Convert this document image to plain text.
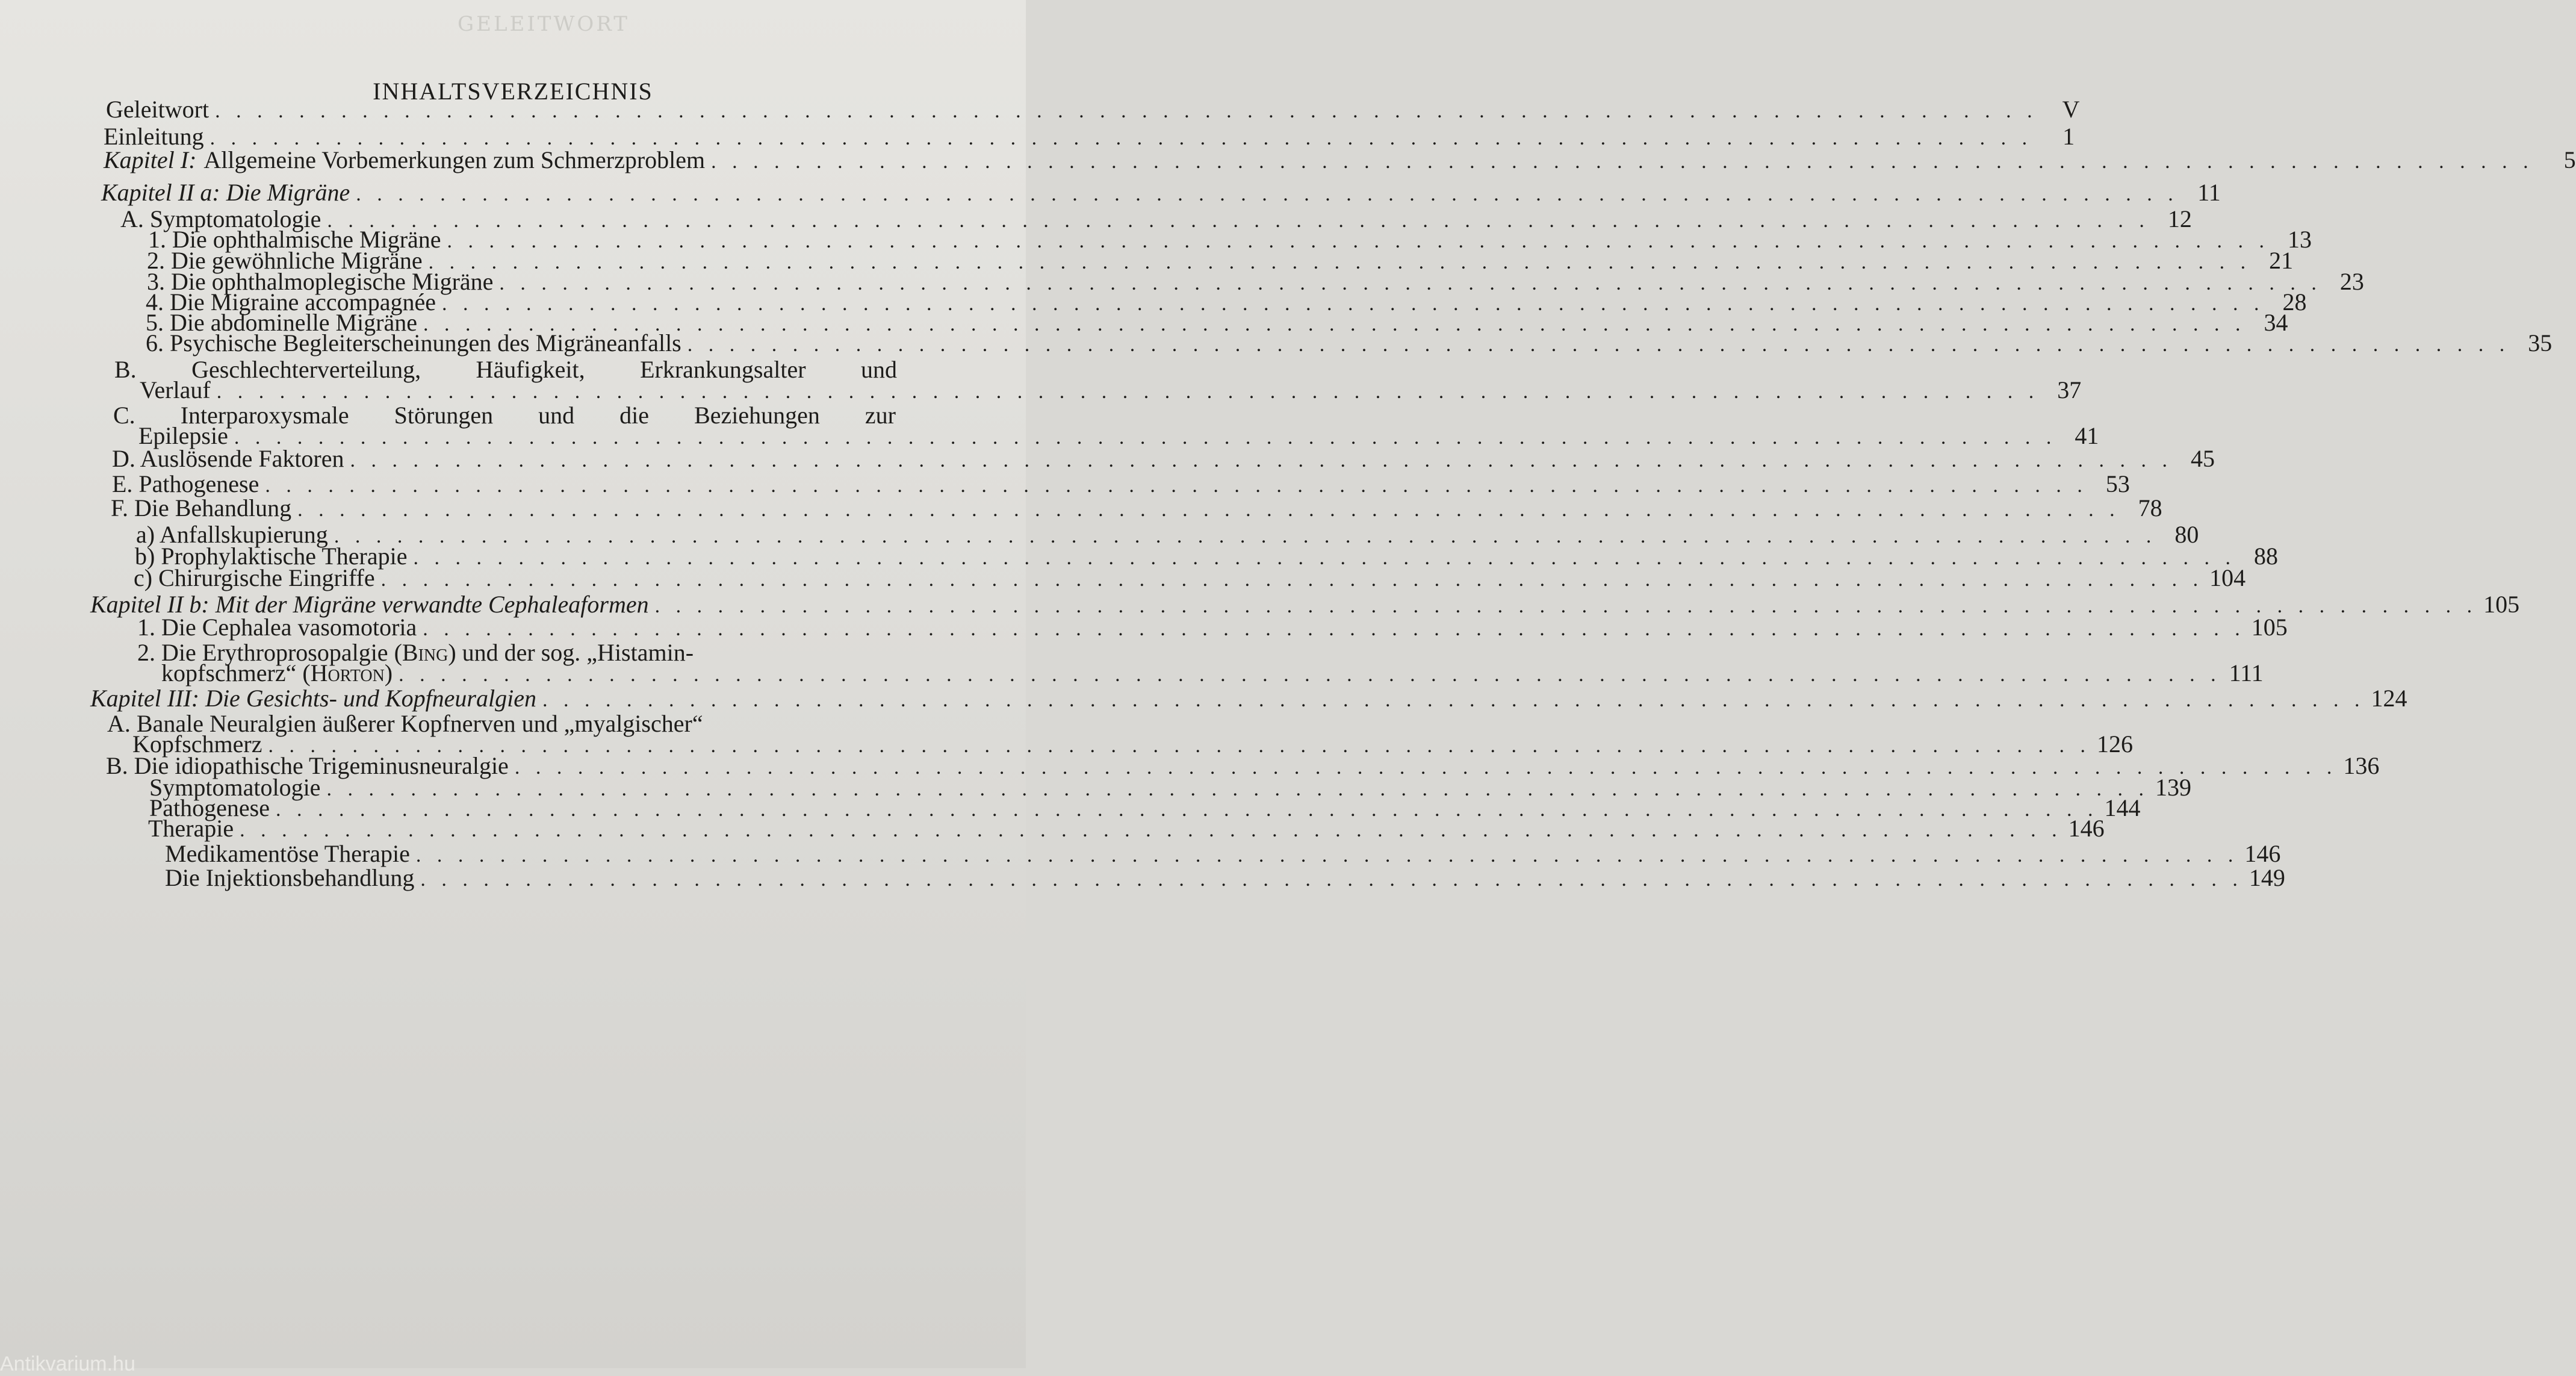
GELEITWORT
INHALTSVERZEICHNIS
Geleitwort . . . . . . . . . . . . . . . . . . . . . . . . . . . . . . . . . . . . . . . . . . . . . . . . . . . . . . . . . . . . . . . . . . . . . . . . . . . . . . . . . . . . . . .	V
Einleitung . . . . . . . . . . . . . . . . . . . . . . . . . . . . . . . . . . . . . . . . . . . . . . . . . . . . . . . . . . . . . . . . . . . . . . . . . . . . . . . . . . . . . . .	1
Kapitel I: Allgemeine Vorbemerkungen zum Schmerzproblem . . . . . . . . . . . . . . . . . . . . . . . . . . . . . . . . . . . . . . . . . . . . . . . . . . . . . . . . . . . . . . . . . . . . . . . . . . . . . . . . . . . . . . .	5
Kapitel II a: Die Migräne . . . . . . . . . . . . . . . . . . . . . . . . . . . . . . . . . . . . . . . . . . . . . . . . . . . . . . . . . . . . . . . . . . . . . . . . . . . . . . . . . . . . . . . 11
A. Symptomatologie . . . . . . . . . . . . . . . . . . . . . . . . . . . . . . . . . . . . . . . . . . . . . . . . . . . . . . . . . . . . . . . . . . . . . . . . . . . . . . . . . . . . . . . 12
1. Die ophthalmische Migräne . . . . . . . . . . . . . . . . . . . . . . . . . . . . . . . . . . . . . . . . . . . . . . . . . . . . . . . . . . . . . . . . . . . . . . . . . . . . . . . . . . . . . . . 13
2. Die gewöhnliche Migräne . . . . . . . . . . . . . . . . . . . . . . . . . . . . . . . . . . . . . . . . . . . . . . . . . . . . . . . . . . . . . . . . . . . . . . . . . . . . . . . . . . . . . . . 21
3. Die ophthalmoplegische Migräne . . . . . . . . . . . . . . . . . . . . . . . . . . . . . . . . . . . . . . . . . . . . . . . . . . . . . . . . . . . . . . . . . . . . . . . . . . . . . . . . . . . . . . . 23
4. Die Migraine accompagnée . . . . . . . . . . . . . . . . . . . . . . . . . . . . . . . . . . . . . . . . . . . . . . . . . . . . . . . . . . . . . . . . . . . . . . . . . . . . . . . . . . . . . . . 28
5. Die abdominelle Migräne . . . . . . . . . . . . . . . . . . . . . . . . . . . . . . . . . . . . . . . . . . . . . . . . . . . . . . . . . . . . . . . . . . . . . . . . . . . . . . . . . . . . . . . 34
6. Psychische Begleiterscheinungen des Migräneanfalls . . . . . . . . . . . . . . . . . . . . . . . . . . . . . . . . . . . . . . . . . . . . . . . . . . . . . . . . . . . . . . . . . . . . . . . . . . . . . . . . . . . . . . . 35
B. Geschlechterverteilung, Häufigkeit, Erkrankungsalter und
Verlauf . . . . . . . . . . . . . . . . . . . . . . . . . . . . . . . . . . . . . . . . . . . . . . . . . . . . . . . . . . . . . . . . . . . . . . . . . . . . . . . . . . . . . . . 37
C. Interparoxysmale Störungen und die Beziehungen zur
Epilepsie . . . . . . . . . . . . . . . . . . . . . . . . . . . . . . . . . . . . . . . . . . . . . . . . . . . . . . . . . . . . . . . . . . . . . . . . . . . . . . . . . . . . . . . 41
D. Auslösende Faktoren . . . . . . . . . . . . . . . . . . . . . . . . . . . . . . . . . . . . . . . . . . . . . . . . . . . . . . . . . . . . . . . . . . . . . . . . . . . . . . . . . . . . . . . 45
E. Pathogenese . . . . . . . . . . . . . . . . . . . . . . . . . . . . . . . . . . . . . . . . . . . . . . . . . . . . . . . . . . . . . . . . . . . . . . . . . . . . . . . . . . . . . . . 53
F. Die Behandlung . . . . . . . . . . . . . . . . . . . . . . . . . . . . . . . . . . . . . . . . . . . . . . . . . . . . . . . . . . . . . . . . . . . . . . . . . . . . . . . . . . . . . . . 78
a) Anfallskupierung . . . . . . . . . . . . . . . . . . . . . . . . . . . . . . . . . . . . . . . . . . . . . . . . . . . . . . . . . . . . . . . . . . . . . . . . . . . . . . . . . . . . . . . 80
b) Prophylaktische Therapie . . . . . . . . . . . . . . . . . . . . . . . . . . . . . . . . . . . . . . . . . . . . . . . . . . . . . . . . . . . . . . . . . . . . . . . . . . . . . . . . . . . . . . . 88
c) Chirurgische Eingriffe . . . . . . . . . . . . . . . . . . . . . . . . . . . . . . . . . . . . . . . . . . . . . . . . . . . . . . . . . . . . . . . . . . . . . . . . . . . . . . . . . . . . . . . 104
Kapitel II b: Mit der Migräne verwandte Cephaleaformen . . . . . . . . . . . . . . . . . . . . . . . . . . . . . . . . . . . . . . . . . . . . . . . . . . . . . . . . . . . . . . . . . . . . . . . . . . . . . . . . . . . . . . . 105
1. Die Cephalea vasomotoria . . . . . . . . . . . . . . . . . . . . . . . . . . . . . . . . . . . . . . . . . . . . . . . . . . . . . . . . . . . . . . . . . . . . . . . . . . . . . . . . . . . . . . . 105
2. Die Erythroprosopalgie ( Bing ) und der sog. „Histamin-
kopfschmerz“ ( Horton ) . . . . . . . . . . . . . . . . . . . . . . . . . . . . . . . . . . . . . . . . . . . . . . . . . . . . . . . . . . . . . . . . . . . . . . . . . . . . . . . . . . . . . . . 111
Kapitel III: Die Gesichts- und Kopfneuralgien . . . . . . . . . . . . . . . . . . . . . . . . . . . . . . . . . . . . . . . . . . . . . . . . . . . . . . . . . . . . . . . . . . . . . . . . . . . . . . . . . . . . . . . 124
A. Banale Neuralgien äußerer Kopfnerven und „myalgischer“
Kopfschmerz . . . . . . . . . . . . . . . . . . . . . . . . . . . . . . . . . . . . . . . . . . . . . . . . . . . . . . . . . . . . . . . . . . . . . . . . . . . . . . . . . . . . . . . 126
B. Die idiopathische Trigeminusneuralgie . . . . . . . . . . . . . . . . . . . . . . . . . . . . . . . . . . . . . . . . . . . . . . . . . . . . . . . . . . . . . . . . . . . . . . . . . . . . . . . . . . . . . . . 136
Symptomatologie . . . . . . . . . . . . . . . . . . . . . . . . . . . . . . . . . . . . . . . . . . . . . . . . . . . . . . . . . . . . . . . . . . . . . . . . . . . . . . . . . . . . . . . 139
Pathogenese . . . . . . . . . . . . . . . . . . . . . . . . . . . . . . . . . . . . . . . . . . . . . . . . . . . . . . . . . . . . . . . . . . . . . . . . . . . . . . . . . . . . . . . 144
Therapie . . . . . . . . . . . . . . . . . . . . . . . . . . . . . . . . . . . . . . . . . . . . . . . . . . . . . . . . . . . . . . . . . . . . . . . . . . . . . . . . . . . . . . . 146
Medikamentöse Therapie . . . . . . . . . . . . . . . . . . . . . . . . . . . . . . . . . . . . . . . . . . . . . . . . . . . . . . . . . . . . . . . . . . . . . . . . . . . . . . . . . . . . . . . 146
Die Injektionsbehandlung . . . . . . . . . . . . . . . . . . . . . . . . . . . . . . . . . . . . . . . . . . . . . . . . . . . . . . . . . . . . . . . . . . . . . . . . . . . . . . . . . . . . . . . 149
Antikvarium.hu
